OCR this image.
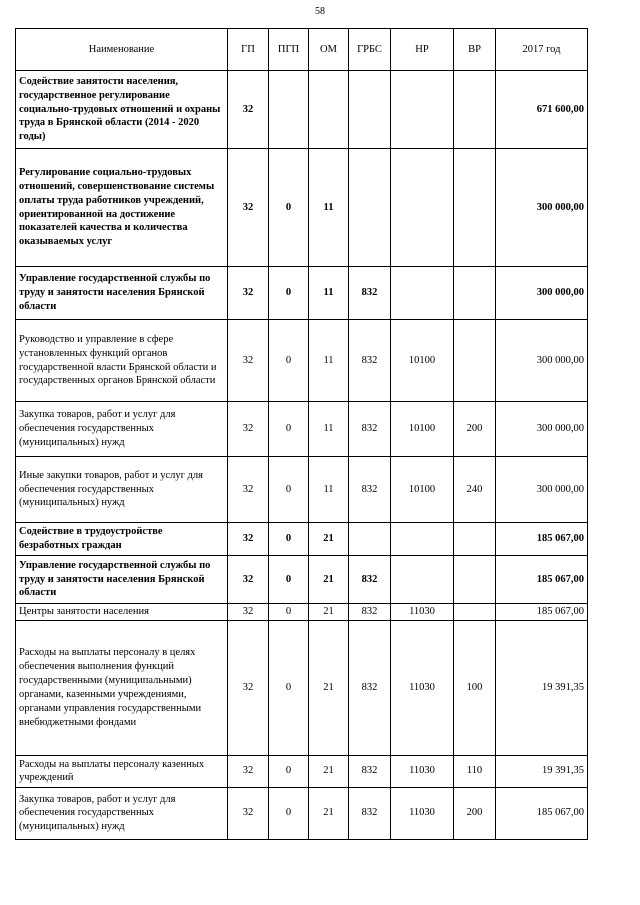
58
Наименование	ГП	ПГП	ОМ	ГРБС	НР	ВР	2017 год
Содействие занятости населения, государственное регулирование социально-трудовых отношений и охраны труда в Брянской области (2014 - 2020 годы)	32						671 600,00
Регулирование социально-трудовых отношений, совершенствование системы оплаты труда работников учреждений, ориентированной на достижение показателей качества и количества оказываемых услуг	32	0	11				300 000,00
Управление государственной службы по труду и занятости населения Брянской области	32	0	11	832			300 000,00
Руководство и управление в сфере установленных функций органов государственной власти Брянской области и государственных органов Брянской области	32	0	11	832	10100		300 000,00
Закупка товаров, работ и услуг для обеспечения государственных (муниципальных) нужд	32	0	11	832	10100	200	300 000,00
Иные закупки товаров, работ и услуг для обеспечения государственных (муниципальных) нужд	32	0	11	832	10100	240	300 000,00
Содействие в трудоустройстве безработных граждан	32	0	21				185 067,00
Управление государственной службы по труду и занятости населения Брянской области	32	0	21	832			185 067,00
Центры занятости населения	32	0	21	832	11030		185 067,00
Расходы на выплаты персоналу в целях обеспечения выполнения функций государственными (муниципальными) органами, казенными учреждениями, органами управления государственными внебюджетными фондами	32	0	21	832	11030	100	19 391,35
Расходы на выплаты персоналу казенных учреждений	32	0	21	832	11030	110	19 391,35
Закупка товаров, работ и услуг для обеспечения государственных (муниципальных) нужд	32	0	21	832	11030	200	185 067,00
